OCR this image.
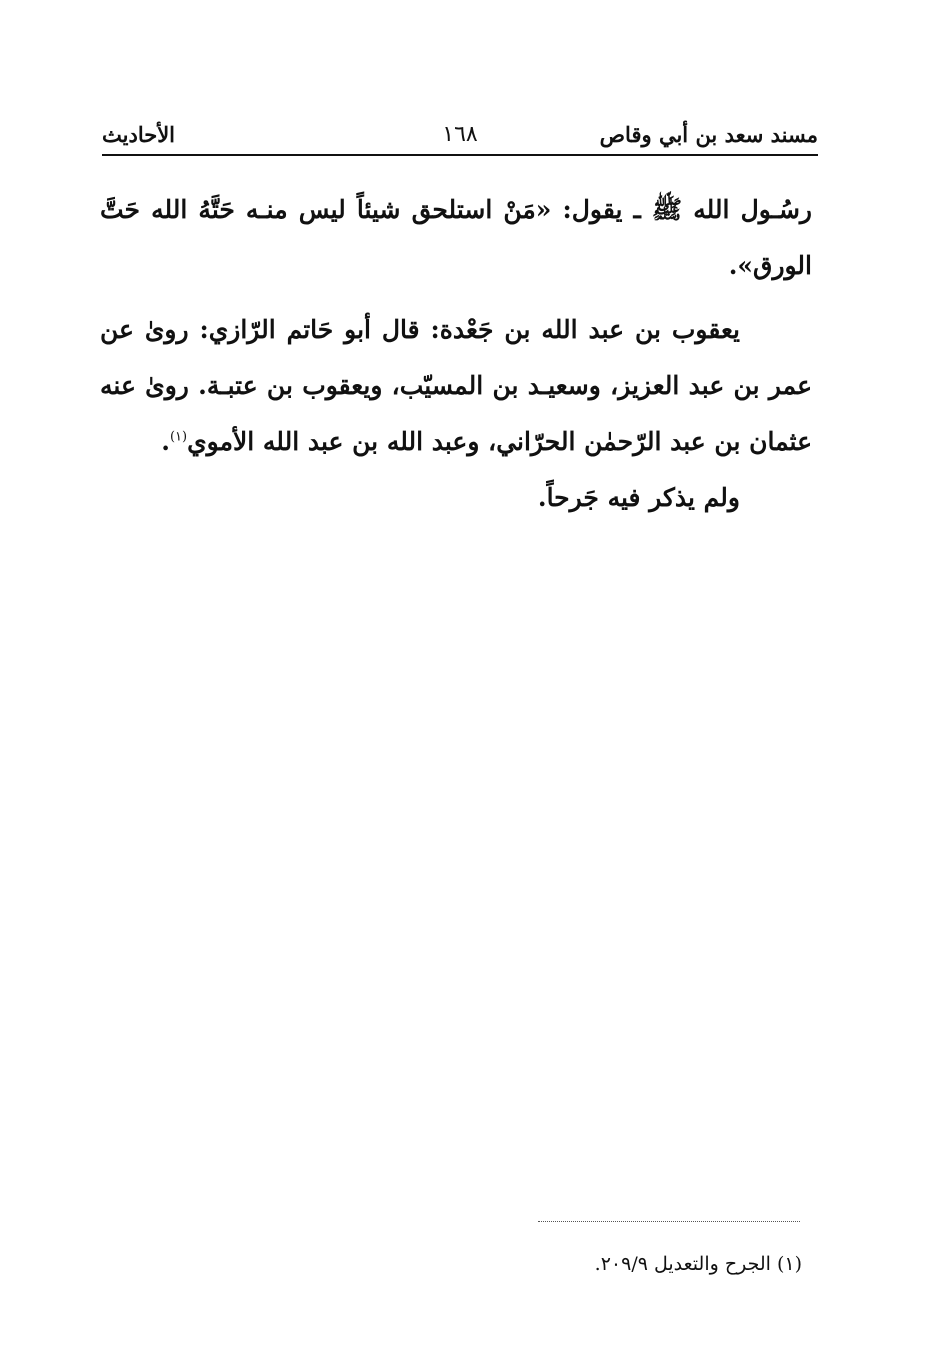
مسند سعد بن أبي وقاص
١٦٨
الأحاديث

رسُـول الله ﷺ ـ يقول: «مَنْ استلحق شيئاً ليس منـه حَتَّهُ الله حَتَّ الورق».

يعقوب بن عبد الله بن جَعْدة: قال أبو حَاتم الرّازي: روىٰ عن عمر بن عبد العزيز، وسعيـد بن المسيّب، ويعقوب بن عتبـة. روىٰ عنه عثمان بن عبد الرّحمٰن الحرّاني، وعبد الله بن عبد الله الأموي$^{(١)}$.

ولم يذكر فيه جَرحاً.

(١) الجرح والتعديل ٢٠٩/٩.
